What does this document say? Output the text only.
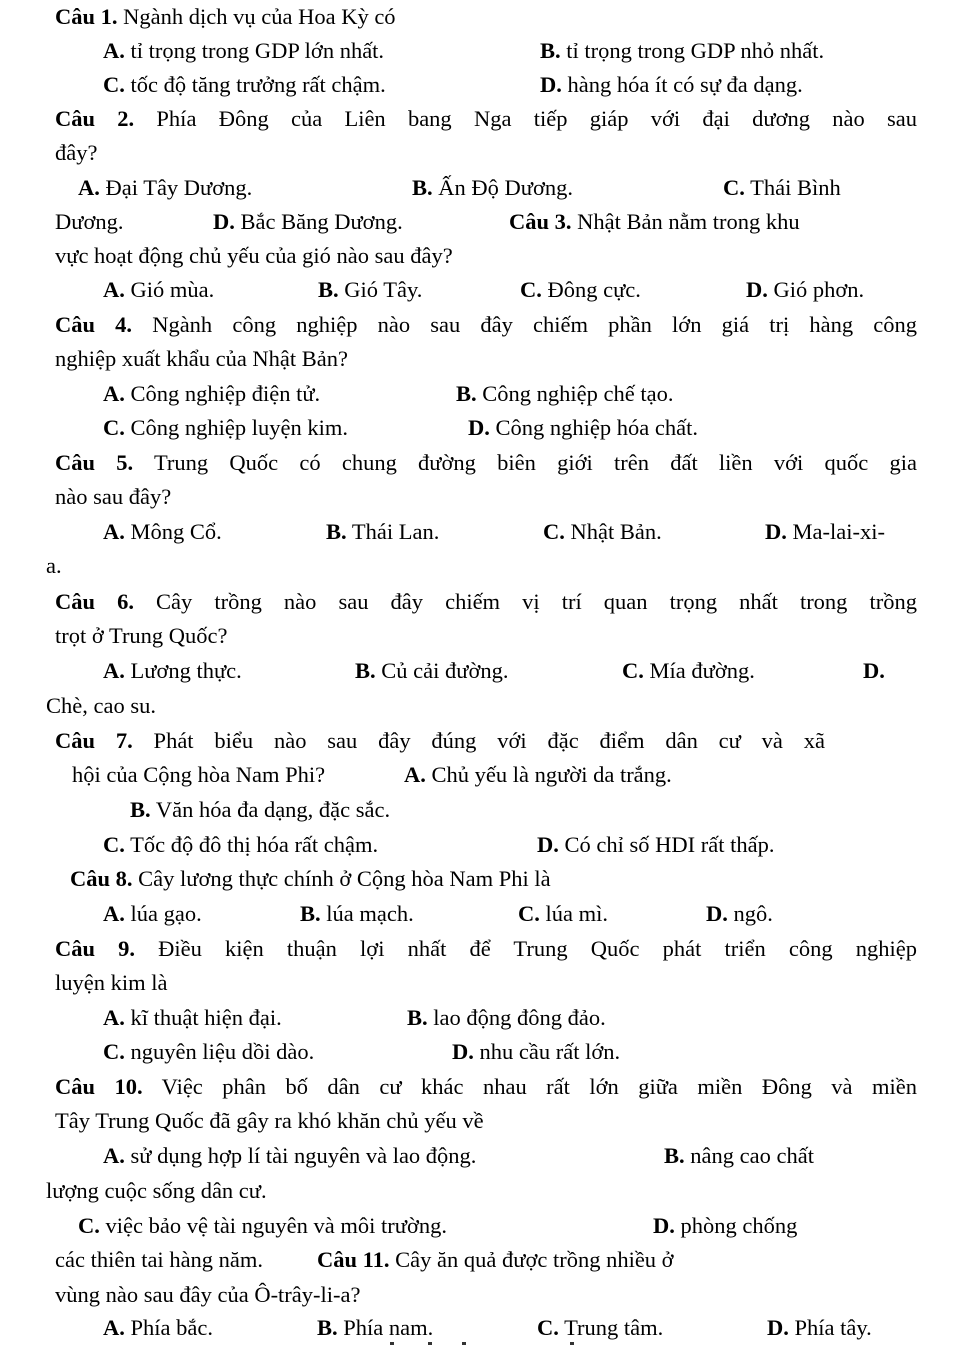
Câu 1. Ngành dịch vụ của Hoa Kỳ có
A. tỉ trọng trong GDP lớn nhất.	B. tỉ trọng trong GDP nhỏ nhất.
C. tốc độ tăng trưởng rất chậm.	D. hàng hóa ít có sự đa dạng.
Câu 2. Phía Đông của Liên bang Nga tiếp giáp với đại dương nào sau
đây?
A. Đại Tây Dương.	B. Ấn Độ Dương.	C. Thái Bình
Dương.	D. Bắc Băng Dương.	Câu 3. Nhật Bản nằm trong khu
vực hoạt động chủ yếu của gió nào sau đây?
A. Gió mùa.	B. Gió Tây.	C. Đông cực.	D. Gió phơn.
Câu 4. Ngành công nghiệp nào sau đây chiếm phần lớn giá trị hàng công
nghiệp xuất khẩu của Nhật Bản?
A. Công nghiệp điện tử.	B. Công nghiệp chế tạo.
C. Công nghiệp luyện kim.	D. Công nghiệp hóa chất.
Câu 5. Trung Quốc có chung đường biên giới trên đất liền với quốc gia
nào sau đây?
A. Mông Cổ.	B. Thái Lan.	C. Nhật Bản.	D. Ma-lai-xi-
a.
Câu 6. Cây trồng nào sau đây chiếm vị trí quan trọng nhất trong trồng
trọt ở Trung Quốc?
A. Lương thực.	B. Củ cải đường.	C. Mía đường.	D.
Chè, cao su.
Câu 7. Phát biểu nào sau đây đúng với đặc điểm dân cư và xã
hội của Cộng hòa Nam Phi?	A. Chủ yếu là người da trắng.
B. Văn hóa đa dạng, đặc sắc.
C. Tốc độ đô thị hóa rất chậm.	D. Có chỉ số HDI rất thấp.
Câu 8. Cây lương thực chính ở Cộng hòa Nam Phi là
A. lúa gạo.	B. lúa mạch.	C. lúa mì.	D. ngô.
Câu 9. Điều kiện thuận lợi nhất để Trung Quốc phát triển công nghiệp
luyện kim là
A. kĩ thuật hiện đại.	B. lao động đông đảo.
C. nguyên liệu dồi dào.	D. nhu cầu rất lớn.
Câu 10. Việc phân bố dân cư khác nhau rất lớn giữa miền Đông và miền
Tây Trung Quốc đã gây ra khó khăn chủ yếu về
A. sử dụng hợp lí tài nguyên và lao động.	B. nâng cao chất
lượng cuộc sống dân cư.
C. việc bảo vệ tài nguyên và môi trường.	D. phòng chống
các thiên tai hàng năm. Câu 11. Cây ăn quả được trồng nhiều ở
vùng nào sau đây của Ô-trây-li-a?
A. Phía bắc.	B. Phía nam.	C. Trung tâm.	D. Phía tây.
